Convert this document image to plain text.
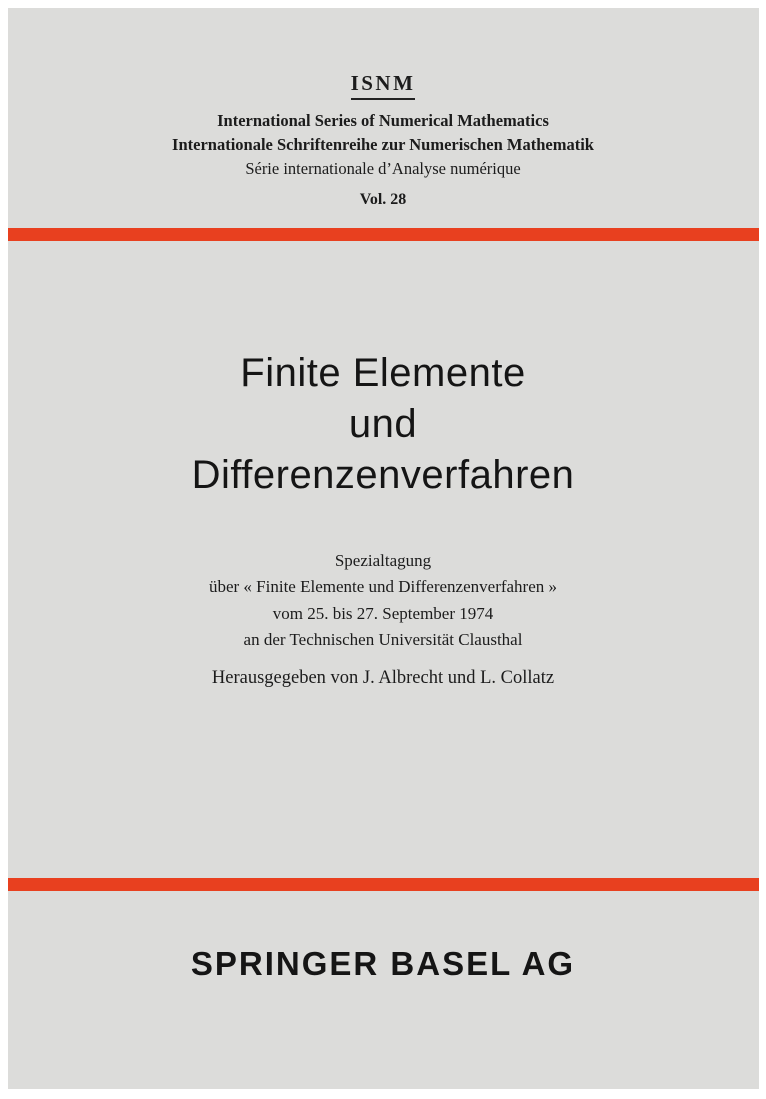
ISNM
International Series of Numerical Mathematics
Internationale Schriftenreihe zur Numerischen Mathematik
Série internationale d’Analyse numérique
Vol. 28
Finite Elemente
und
Differenzenverfahren
Spezialtagung
über « Finite Elemente und Differenzenverfahren »
vom 25. bis 27. September 1974
an der Technischen Universität Clausthal
Herausgegeben von J. Albrecht und L. Collatz
SPRINGER BASEL AG
